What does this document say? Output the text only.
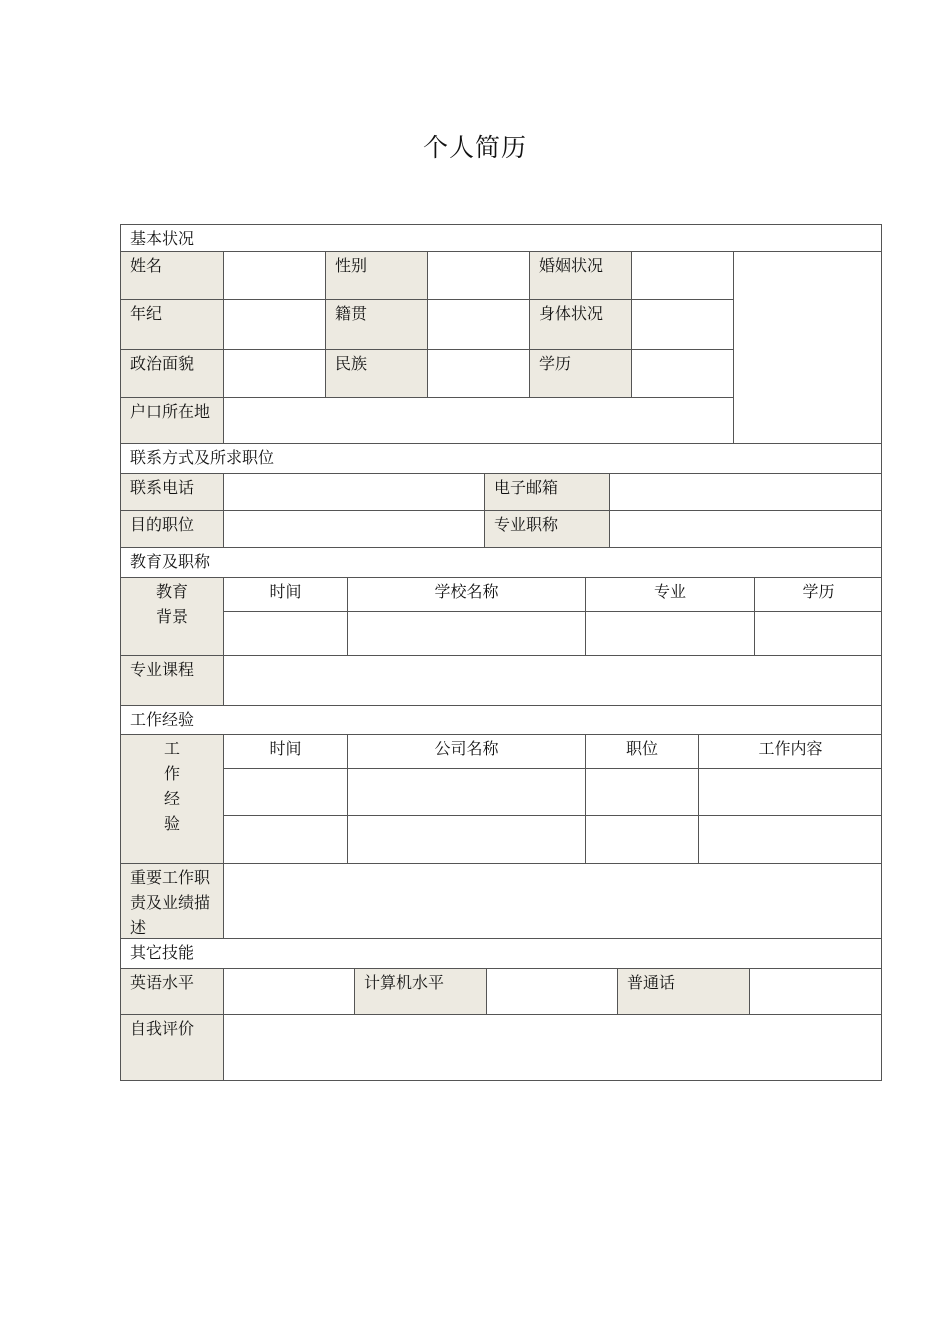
个人简历
基本状况
姓名	性别	婚姻状况
年纪	籍贯	身体状况
政治面貌	民族	学历
户口所在地
联系方式及所求职位
联系电话	电子邮箱
目的职位	专业职称
教育及职称
教育
背景
时间	学校名称	专业	学历
专业课程
工作经验
工
作
经
验
时间	公司名称	职位	工作内容
重要工作职
责及业绩描
述
其它技能
英语水平	计算机水平	普通话
自我评价
